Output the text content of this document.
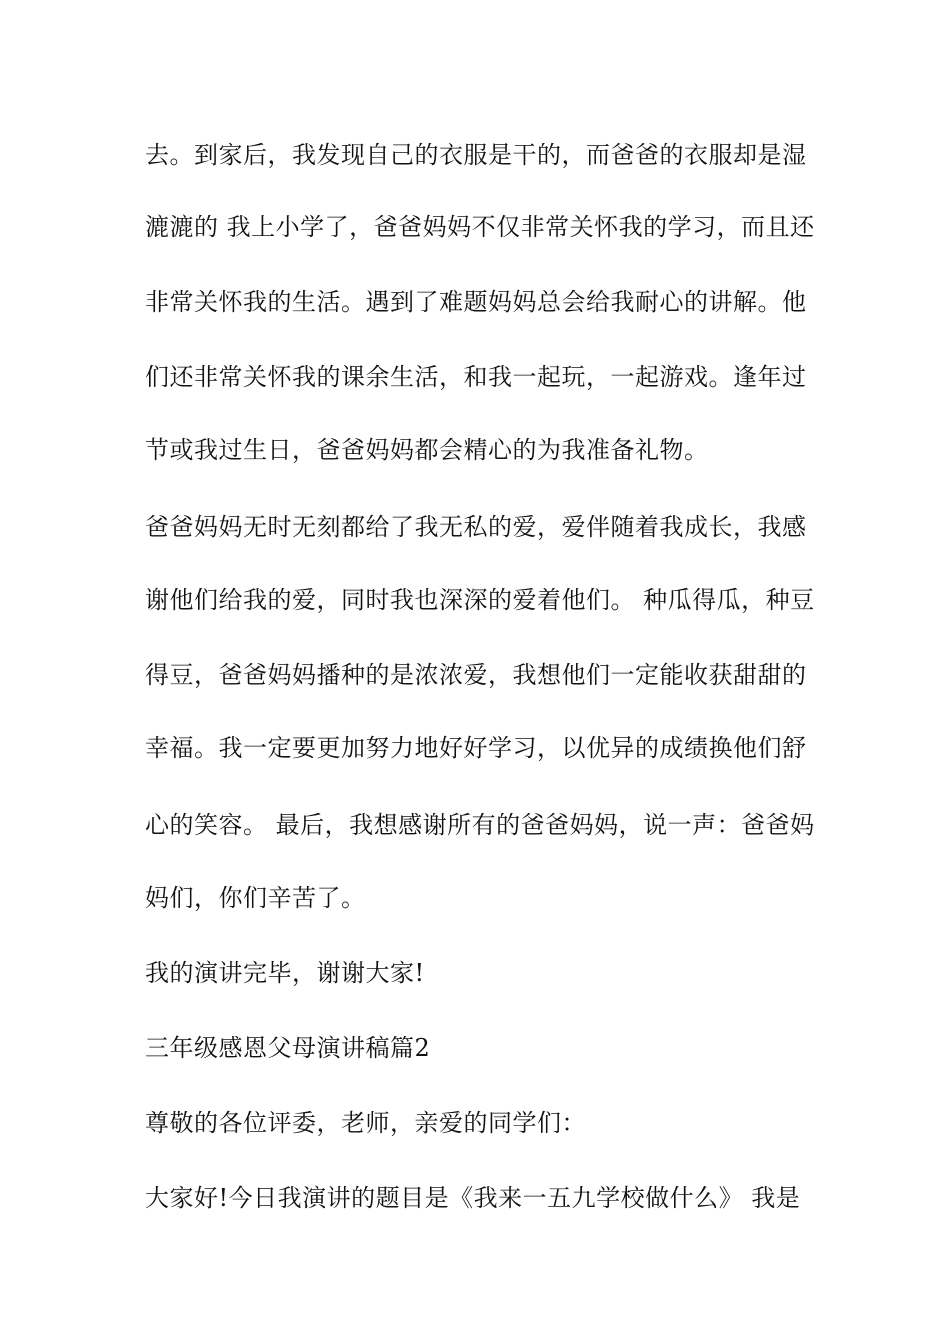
去。到家后，我发现自己的衣服是干的，而爸爸的衣服却是湿
漉漉的 我上小学了，爸爸妈妈不仅非常关怀我的学习，而且还
非常关怀我的生活。遇到了难题妈妈总会给我耐心的讲解。他
们还非常关怀我的课余生活，和我一起玩，一起游戏。逢年过
节或我过生日，爸爸妈妈都会精心的为我准备礼物。
爸爸妈妈无时无刻都给了我无私的爱，爱伴随着我成长，我感
谢他们给我的爱，同时我也深深的爱着他们。 种瓜得瓜，种豆
得豆，爸爸妈妈播种的是浓浓爱，我想他们一定能收获甜甜的
幸福。我一定要更加努力地好好学习，以优异的成绩换他们舒
心的笑容。 最后，我想感谢所有的爸爸妈妈，说一声：爸爸妈
妈们，你们辛苦了。
我的演讲完毕，谢谢大家!
三年级感恩父母演讲稿篇2
尊敬的各位评委，老师，亲爱的同学们：
大家好!今日我演讲的题目是《我来一五九学校做什么》 我是
